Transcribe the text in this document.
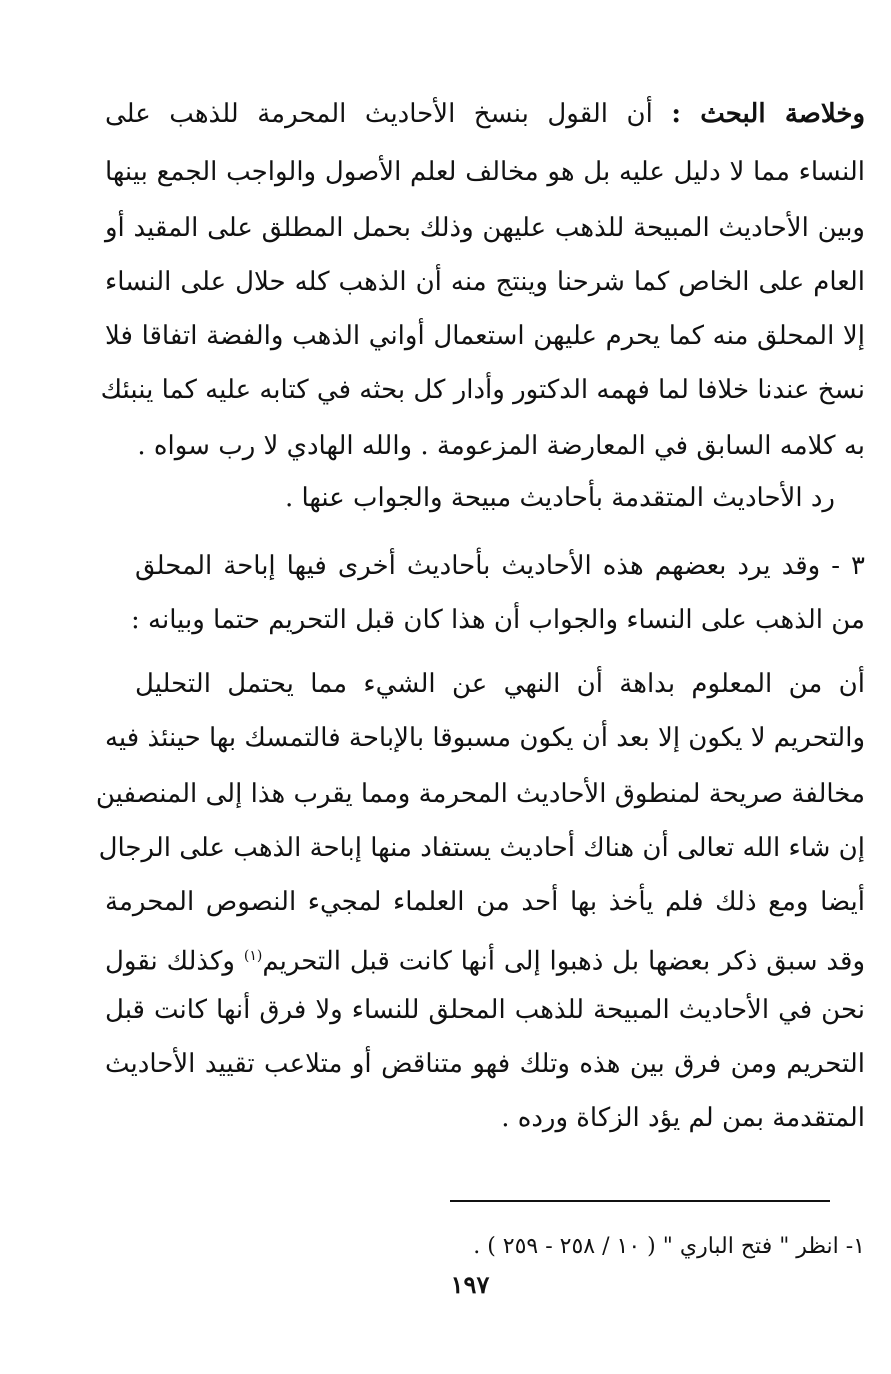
وخلاصة البحث : أن القول بنسخ الأحاديث المحرمة للذهب على
النساء مما لا دليل عليه بل هو مخالف لعلم الأصول والواجب الجمع بينها
وبين الأحاديث المبيحة للذهب عليهن وذلك بحمل المطلق على المقيد أو
العام على الخاص كما شرحنا وينتج منه أن الذهب كله حلال على النساء
إلا المحلق منه كما يحرم عليهن استعمال أواني الذهب والفضة اتفاقا فلا
نسخ عندنا خلافا لما فهمه الدكتور وأدار كل بحثه في كتابه عليه كما ينبئك
به كلامه السابق في المعارضة المزعومة . والله الهادي لا رب سواه .
رد الأحاديث المتقدمة بأحاديث مبيحة والجواب عنها .
٣ - وقد يرد بعضهم هذه الأحاديث بأحاديث أخرى فيها إباحة المحلق
من الذهب على النساء والجواب أن هذا كان قبل التحريم حتما وبيانه :
أن من المعلوم بداهة أن النهي عن الشيء مما يحتمل التحليل
والتحريم لا يكون إلا بعد أن يكون مسبوقا بالإباحة فالتمسك بها حينئذ فيه
مخالفة صريحة لمنطوق الأحاديث المحرمة ومما يقرب هذا إلى المنصفين
إن شاء الله تعالى أن هناك أحاديث يستفاد منها إباحة الذهب على الرجال
أيضا ومع ذلك فلم يأخذ بها أحد من العلماء لمجيء النصوص المحرمة
وقد سبق ذكر بعضها بل ذهبوا إلى أنها كانت قبل التحريم$^{(١)}$ وكذلك نقول
نحن في الأحاديث المبيحة للذهب المحلق للنساء ولا فرق أنها كانت قبل
التحريم ومن فرق بين هذه وتلك فهو متناقض أو متلاعب تقييد الأحاديث
المتقدمة بمن لم يؤد الزكاة ورده .
١- انظر " فتح الباري " ( ١٠ / ٢٥٨ - ٢٥٩ ) .
١٩٧
